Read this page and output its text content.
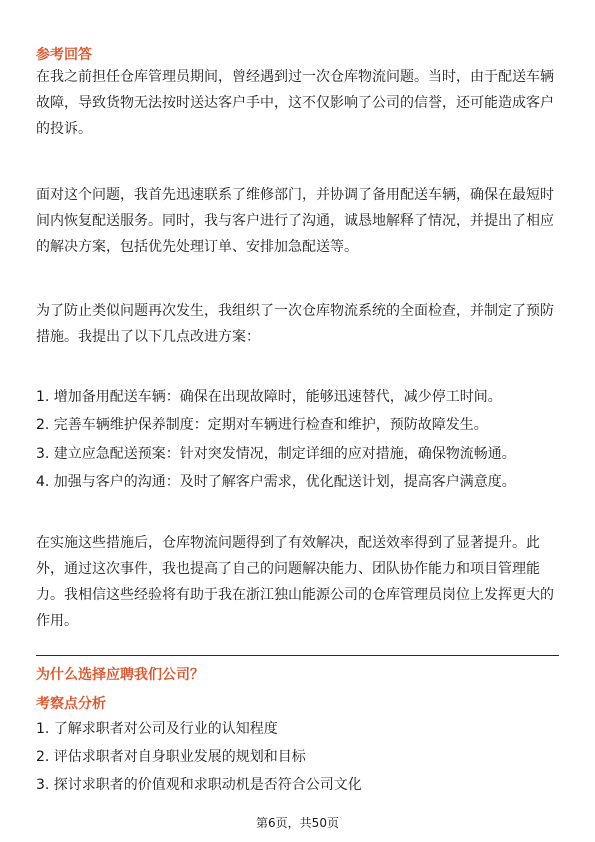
参考回答

在我之前担任仓库管理员期间，曾经遇到过一次仓库物流问题。当时，由于配送车辆故障，导致货物无法按时送达客户手中，这不仅影响了公司的信誉，还可能造成客户的投诉。

面对这个问题，我首先迅速联系了维修部门，并协调了备用配送车辆，确保在最短时间内恢复配送服务。同时，我与客户进行了沟通，诚恳地解释了情况，并提出了相应的解决方案，包括优先处理订单、安排加急配送等。

为了防止类似问题再次发生，我组织了一次仓库物流系统的全面检查，并制定了预防措施。我提出了以下几点改进方案：

1. 增加备用配送车辆：确保在出现故障时，能够迅速替代，减少停工时间。
2. 完善车辆维护保养制度：定期对车辆进行检查和维护，预防故障发生。
3. 建立应急配送预案：针对突发情况，制定详细的应对措施，确保物流畅通。
4. 加强与客户的沟通：及时了解客户需求，优化配送计划，提高客户满意度。

在实施这些措施后，仓库物流问题得到了有效解决，配送效率得到了显著提升。此外，通过这次事件，我也提高了自己的问题解决能力、团队协作能力和项目管理能力。我相信这些经验将有助于我在浙江独山能源公司的仓库管理员岗位上发挥更大的作用。

为什么选择应聘我们公司？
考察点分析
1. 了解求职者对公司及行业的认知程度
2. 评估求职者对自身职业发展的规划和目标
3. 探讨求职者的价值观和求职动机是否符合公司文化
第6页，共50页
